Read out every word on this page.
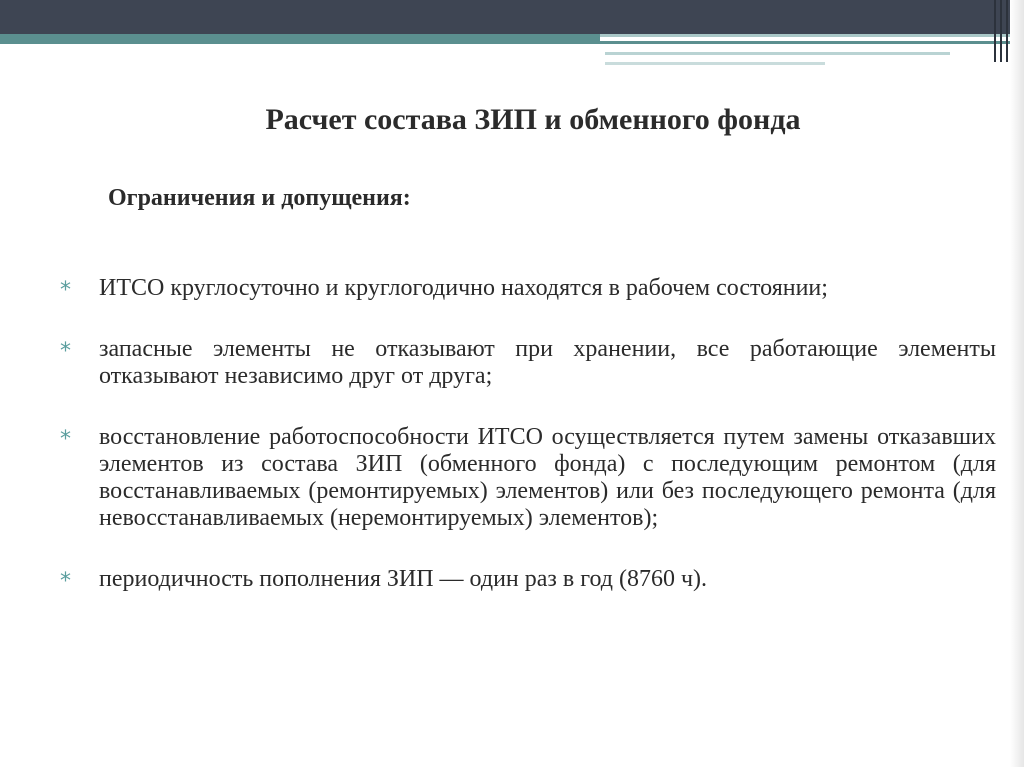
Расчет состава ЗИП и обменного фонда
Ограничения и допущения:
*	ИТСО круглосуточно и круглогодично находятся в рабочем состоянии;
*	запасные элементы не отказывают при хранении, все работающие элементы отказывают независимо друг от друга;
*	восстановление работоспособности ИТСО осуществляется путем замены отказавших элементов из состава ЗИП (обменного фонда) с последующим ремонтом (для восстанавливаемых (ремонтируемых) элементов) или без последующего ремонта (для невосстанавливаемых (неремонтируемых) элементов);
*	периодичность пополнения ЗИП — один раз в год (8760 ч).
